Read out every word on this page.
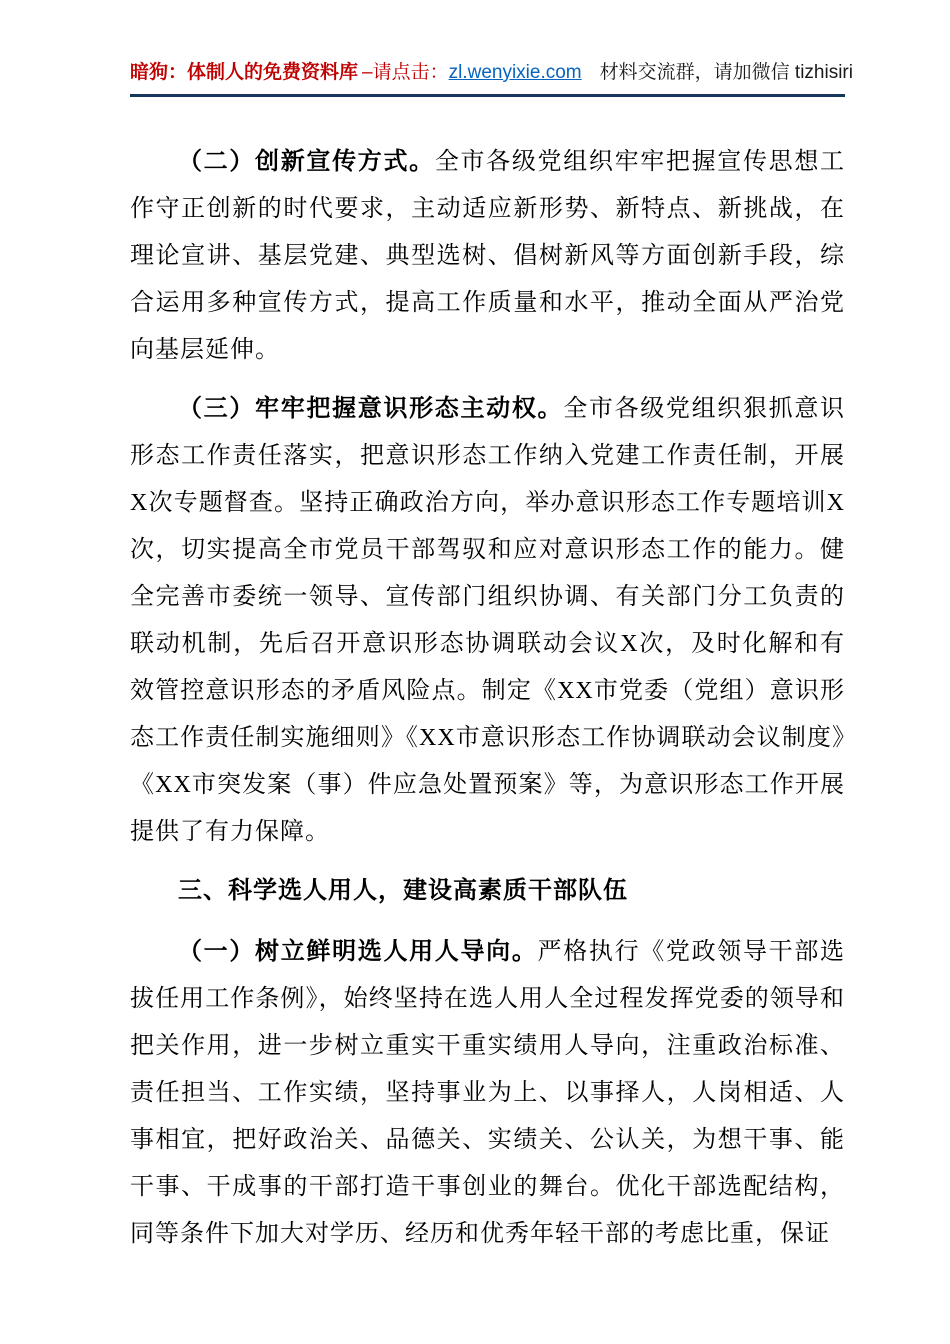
暗狗：体制人的免费资料库 –请点击：zl.wenyixie.com 材料交流群，请加微信 tizhisiri

（二）创新宣传方式。全市各级党组织牢牢把握宣传思想工作守正创新的时代要求，主动适应新形势、新特点、新挑战，在理论宣讲、基层党建、典型选树、倡树新风等方面创新手段，综合运用多种宣传方式，提高工作质量和水平，推动全面从严治党向基层延伸。

（三）牢牢把握意识形态主动权。全市各级党组织狠抓意识形态工作责任落实，把意识形态工作纳入党建工作责任制，开展X次专题督查。坚持正确政治方向，举办意识形态工作专题培训X次，切实提高全市党员干部驾驭和应对意识形态工作的能力。健全完善市委统一领导、宣传部门组织协调、有关部门分工负责的联动机制，先后召开意识形态协调联动会议X次，及时化解和有效管控意识形态的矛盾风险点。制定《XX市党委（党组）意识形态工作责任制实施细则》《XX市意识形态工作协调联动会议制度》《XX市突发案（事）件应急处置预案》等，为意识形态工作开展提供了有力保障。

三、科学选人用人，建设高素质干部队伍

（一）树立鲜明选人用人导向。严格执行《党政领导干部选拔任用工作条例》，始终坚持在选人用人全过程发挥党委的领导和把关作用，进一步树立重实干重实绩用人导向，注重政治标准、责任担当、工作实绩，坚持事业为上、以事择人，人岗相适、人事相宜，把好政治关、品德关、实绩关、公认关，为想干事、能干事、干成事的干部打造干事创业的舞台。优化干部选配结构，同等条件下加大对学历、经历和优秀年轻干部的考虑比重，保证
